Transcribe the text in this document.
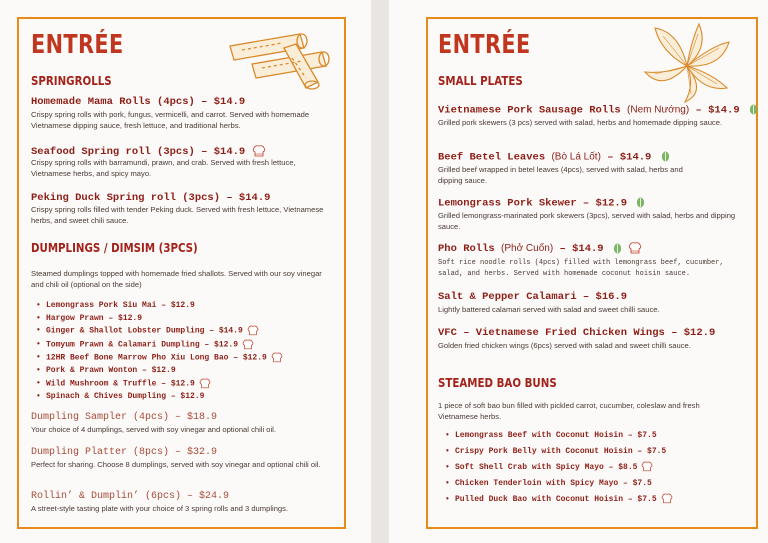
ENTRÉE
SPRINGROLLS
Homemade Mama Rolls (4pcs) – $14.9
Crispy spring rolls with pork, fungus, vermicelli, and carrot. Served with homemade Vietnamese dipping sauce, fresh lettuce, and traditional herbs.
Seafood Spring roll (3pcs) – $14.9
Crispy spring rolls with barramundi, prawn, and crab. Served with fresh lettuce, Vietnamese herbs, and spicy mayo.
Peking Duck Spring roll (3pcs) – $14.9
Crispy spring rolls filled with tender Peking duck. Served with fresh lettuce, Vietnamese herbs, and sweet chili sauce.
DUMPLINGS / DIMSIM (3PCS)
Steamed dumplings topped with homemade fried shallots. Served with our soy vinegar and chili oil (optional on the side)
• Lemongrass Pork Siu Mai – $12.9
• Hargow Prawn – $12.9
• Ginger & Shallot Lobster Dumpling – $14.9
• Tomyum Prawn & Calamari Dumpling – $12.9
• 12HR Beef Bone Marrow Pho Xiu Long Bao – $12.9
• Pork & Prawn Wonton – $12.9
• Wild Mushroom & Truffle – $12.9
• Spinach & Chives Dumpling – $12.9
Dumpling Sampler (4pcs) – $18.9
Your choice of 4 dumplings, served with soy vinegar and optional chili oil.
Dumpling Platter (8pcs) – $32.9
Perfect for sharing. Choose 8 dumplings, served with soy vinegar and optional chili oil.
Rollin’ & Dumplin’ (6pcs) – $24.9
A street-style tasting plate with your choice of 3 spring rolls and 3 dumplings.
ENTRÉE
SMALL PLATES
Vietnamese Pork Sausage Rolls (Nem Nướng) – $14.9
Grilled pork skewers (3 pcs) served with salad, herbs and homemade dipping sauce.
Beef Betel Leaves (Bò Lá Lốt) – $14.9
Grilled beef wrapped in betel leaves (4pcs), served with salad, herbs and dipping sauce.
Lemongrass Pork Skewer – $12.9
Grilled lemongrass-marinated pork skewers (3pcs), served with salad, herbs and dipping sauce.
Pho Rolls (Phở Cuốn) – $14.9
Soft rice noodle rolls (4pcs) filled with lemongrass beef, cucumber, salad, and herbs. Served with homemade coconut hoisin sauce.
Salt & Pepper Calamari – $16.9
Lightly battered calamari served with salad and sweet chilli sauce.
VFC – Vietnamese Fried Chicken Wings – $12.9
Golden fried chicken wings (6pcs) served with salad and sweet chilli sauce.
STEAMED BAO BUNS
1 piece of soft bao bun filled with pickled carrot, cucumber, coleslaw and fresh Vietnamese herbs.
• Lemongrass Beef with Coconut Hoisin – $7.5
• Crispy Pork Belly with Coconut Hoisin – $7.5
• Soft Shell Crab with Spicy Mayo – $8.5
• Chicken Tenderloin with Spicy Mayo – $7.5
• Pulled Duck Bao with Coconut Hoisin – $7.5
